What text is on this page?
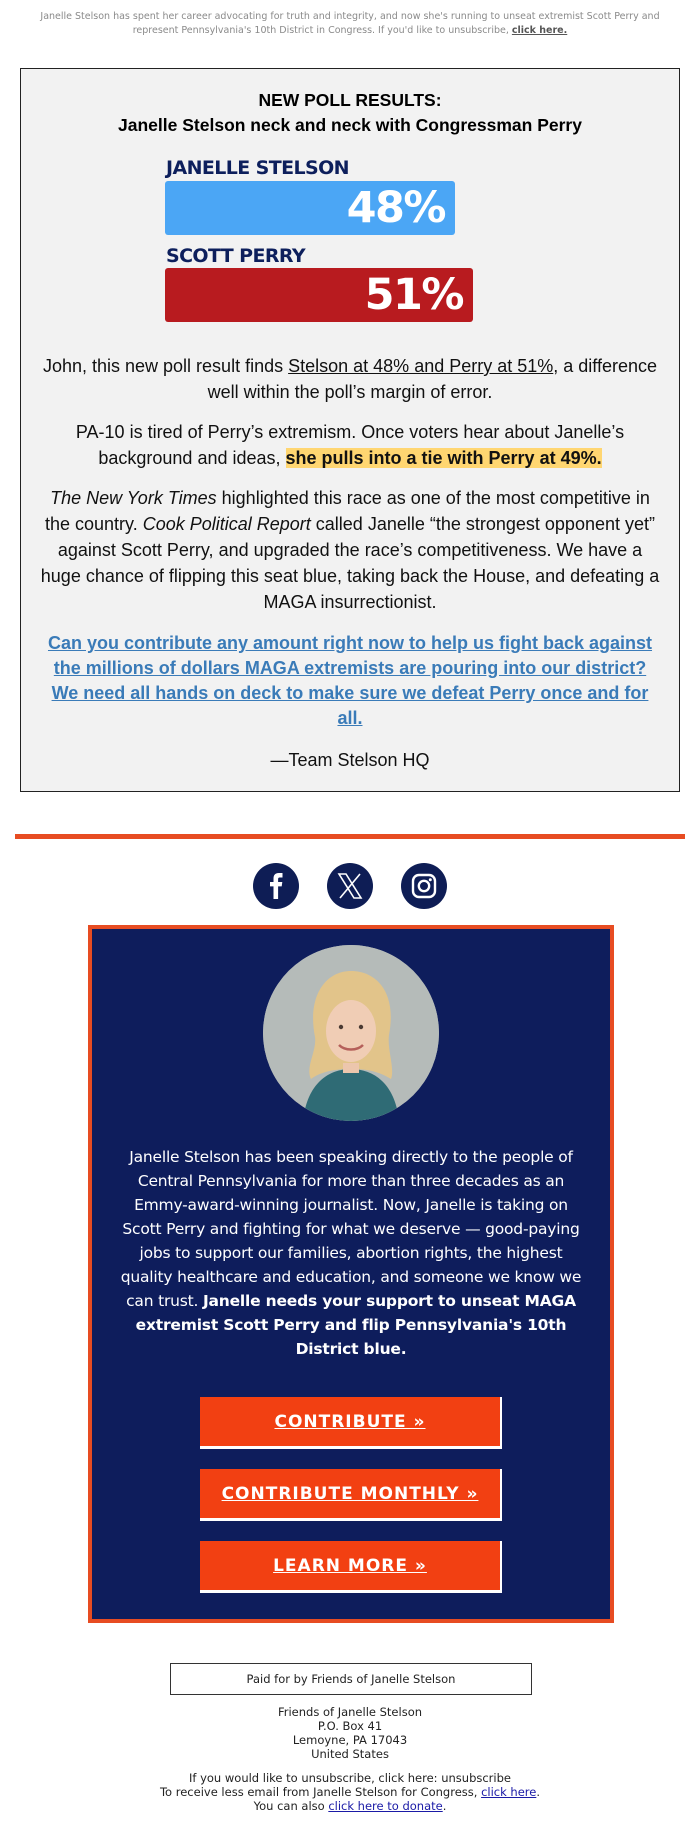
Janelle Stelson has spent her career advocating for truth and integrity, and now she's running to unseat extremist Scott Perry and represent Pennsylvania's 10th District in Congress. If you'd like to unsubscribe, click here.
NEW POLL RESULTS:
Janelle Stelson neck and neck with Congressman Perry
JANELLE STELSON
48%
SCOTT PERRY
51%

John, this new poll result finds Stelson at 48% and Perry at 51%, a difference well within the poll’s margin of error.

PA-10 is tired of Perry’s extremism. Once voters hear about Janelle’s background and ideas, she pulls into a tie with Perry at 49%.

The New York Times highlighted this race as one of the most competitive in the country. Cook Political Report called Janelle “the strongest opponent yet” against Scott Perry, and upgraded the race’s competitiveness. We have a huge chance of flipping this seat blue, taking back the House, and defeating a MAGA insurrectionist.

Can you contribute any amount right now to help us fight back against the millions of dollars MAGA extremists are pouring into our district? We need all hands on deck to make sure we defeat Perry once and for all.
—Team Stelson HQ
Janelle Stelson has been speaking directly to the people of Central Pennsylvania for more than three decades as an Emmy-award-winning journalist. Now, Janelle is taking on Scott Perry and fighting for what we deserve — good-paying jobs to support our families, abortion rights, the highest quality healthcare and education, and someone we know we can trust. Janelle needs your support to unseat MAGA extremist Scott Perry and flip Pennsylvania's 10th District blue.
CONTRIBUTE »
CONTRIBUTE MONTHLY »
LEARN MORE »
Paid for by Friends of Janelle Stelson
Friends of Janelle Stelson
P.O. Box 41
Lemoyne, PA 17043
United States
If you would like to unsubscribe, click here: unsubscribe
To receive less email from Janelle Stelson for Congress, click here.
You can also click here to donate.
